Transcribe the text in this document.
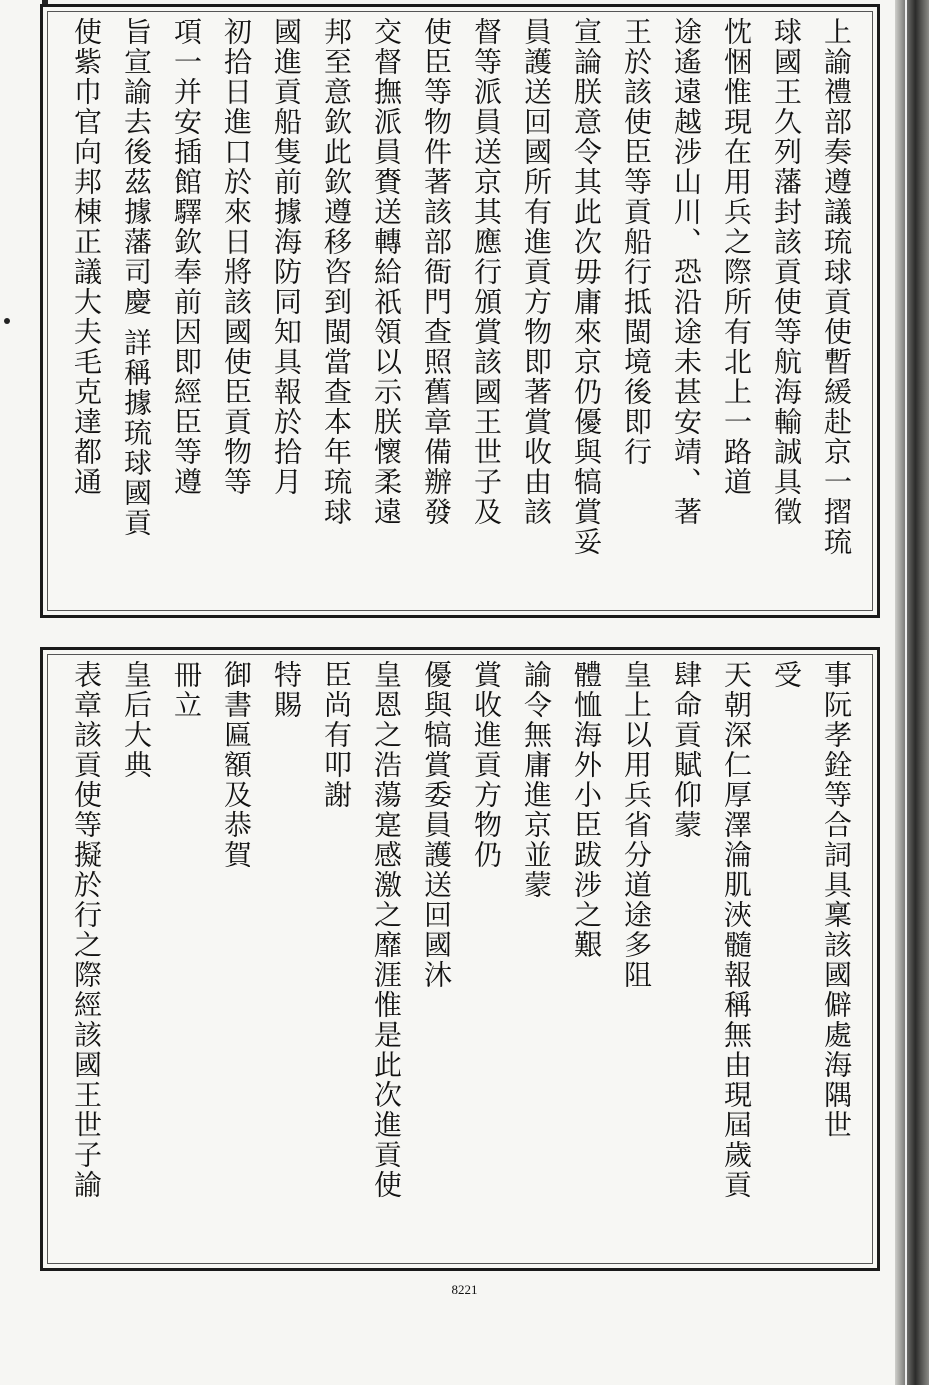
上諭禮部奏遵議琉球貢使暫緩赴京一摺琉
球國王久列藩封該貢使等航海輸誠具徵
忱悃惟現在用兵之際所有北上一路道
途遙遠越涉山川、恐沿途未甚安靖、著
王於該使臣等貢船行抵閩境後即行
宣論朕意令其此次毋庸來京仍優與犒賞妥
員護送回國所有進貢方物即著賞收由該
督等派員送京其應行頒賞該國王世子及
使臣等物件著該部衙門查照舊章備辦發
交督撫派員賚送轉給祇領以示朕懷柔遠
邦至意欽此欽遵移咨到閩當查本年琉球
國進貢船隻前據海防同知具報於拾月
初拾日進口於來日將該國使臣貢物等
項一并安插館驛欽奉前因即經臣等遵
旨宣諭去後茲據藩司慶 詳稱據琉球國貢
使紫巾官向邦棟正議大夫毛克達都通
事阮孝銓等合詞具稟該國僻處海隅世
受
天朝深仁厚澤淪肌浹髓報稱無由現屆歲貢
肆命貢賦仰蒙
皇上以用兵省分道途多阻
體恤海外小臣跋涉之艱
諭令無庸進京並蒙
賞收進貢方物仍
優與犒賞委員護送回國沐
皇恩之浩蕩寔感激之靡涯惟是此次進貢使
臣尚有叩謝
特賜
御書匾額及恭賀
冊立
皇后大典
表章該貢使等擬於行之際經該國王世子諭
8221
